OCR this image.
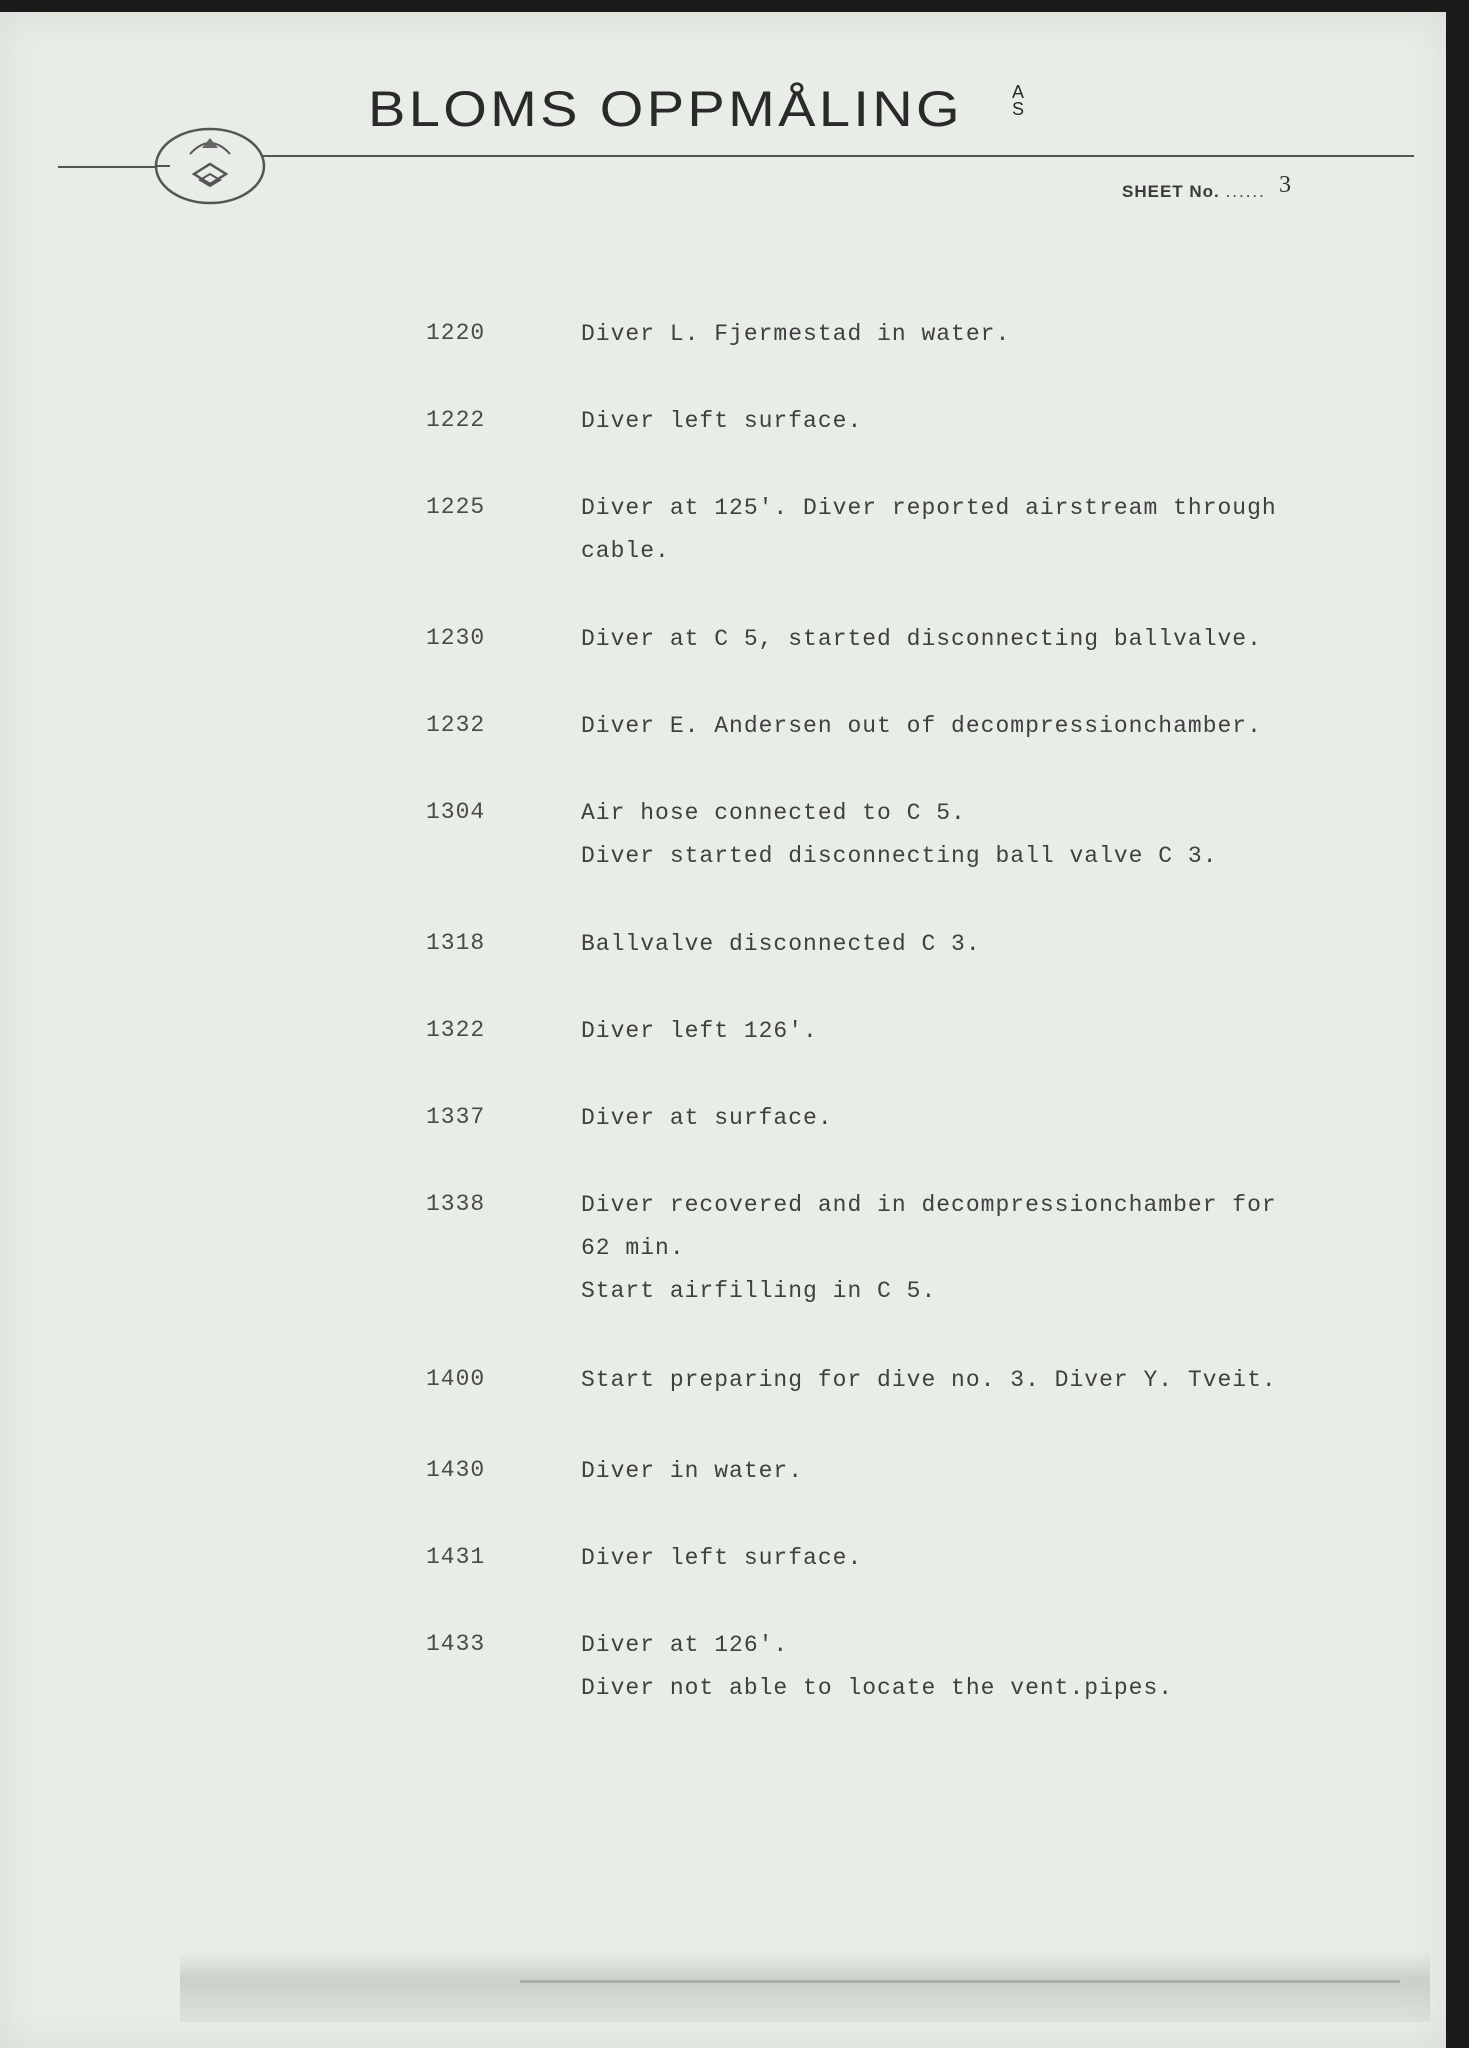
BLOMS OPPMÅLING	A
S
SHEET No. ...... 3
1220	Diver L. Fjermestad in water.
1222	Diver left surface.
1225	Diver at 125'. Diver reported airstream through
cable.
1230	Diver at C 5, started disconnecting ballvalve.
1232	Diver E. Andersen out of decompressionchamber.
1304	Air hose connected to C 5.
Diver started disconnecting ball valve C 3.
1318	Ballvalve disconnected C 3.
1322	Diver left 126'.
1337	Diver at surface.
1338	Diver recovered and in decompressionchamber for
62 min.
Start airfilling in C 5.
1400	Start preparing for dive no. 3. Diver Y. Tveit.
1430	Diver in water.
1431	Diver left surface.
1433	Diver at 126'.
Diver not able to locate the vent.pipes.
